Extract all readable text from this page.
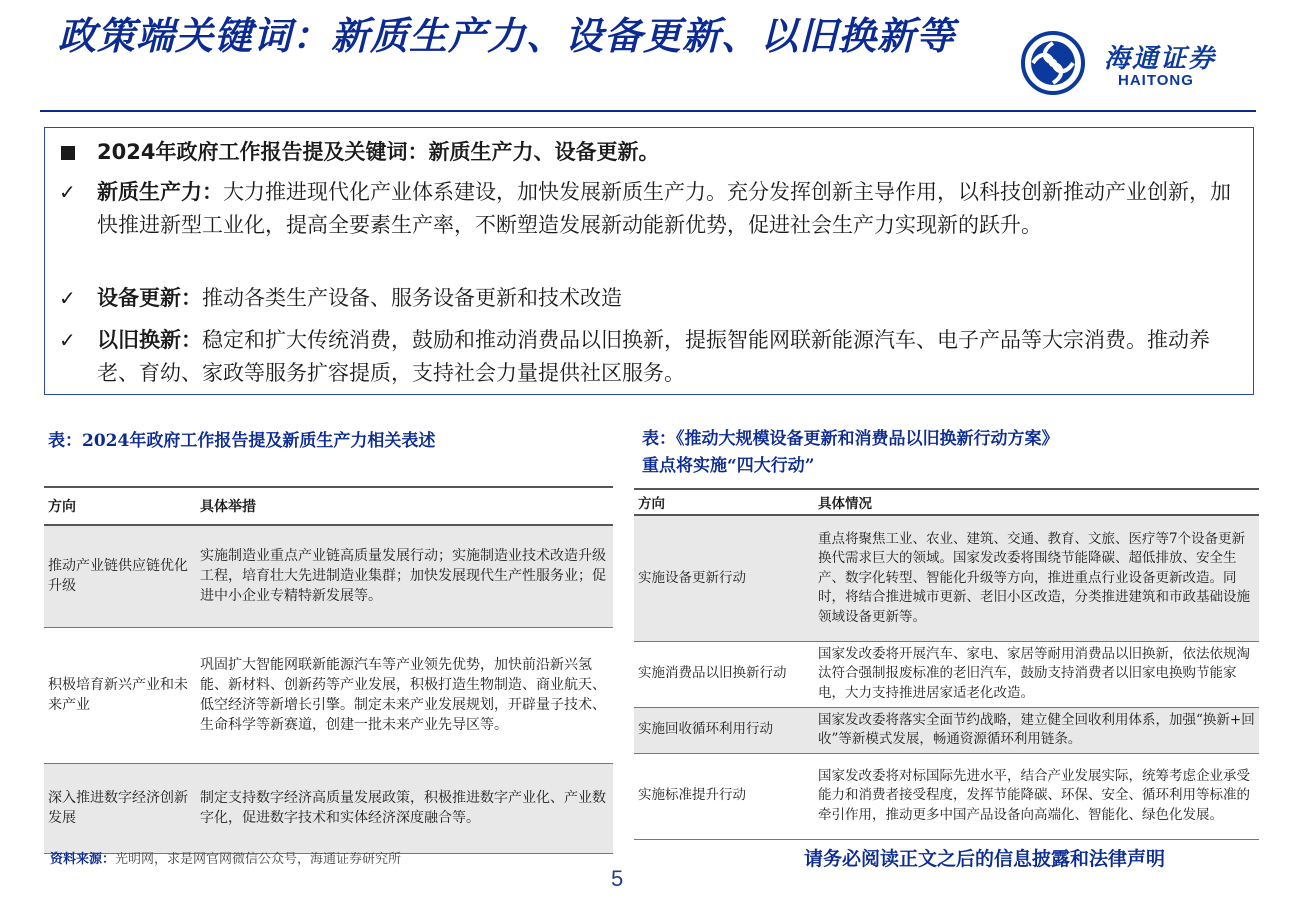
政策端关键词：新质生产力、设备更新、以旧换新等
海通证券
HAITONG
2024年政府工作报告提及关键词：新质生产力、设备更新。
✓	新质生产力：大力推进现代化产业体系建设，加快发展新质生产力。充分发挥创新主导作用，以科技创新推动产业创新，加快推进新型工业化，提高全要素生产率，不断塑造发展新动能新优势，促进社会生产力实现新的跃升。
✓	设备更新：推动各类生产设备、服务设备更新和技术改造
✓	以旧换新：稳定和扩大传统消费，鼓励和推动消费品以旧换新，提振智能网联新能源汽车、电子产品等大宗消费。推动养老、育幼、家政等服务扩容提质，支持社会力量提供社区服务。
表：2024年政府工作报告提及新质生产力相关表述	表：《推动大规模设备更新和消费品以旧换新行动方案》
重点将实施“四大行动”
方向	具体举措
推动产业链供应链优化升级	实施制造业重点产业链高质量发展行动；实施制造业技术改造升级工程，培育壮大先进制造业集群；加快发展现代生产性服务业；促进中小企业专精特新发展等。
积极培育新兴产业和未来产业	巩固扩大智能网联新能源汽车等产业领先优势，加快前沿新兴氢能、新材料、创新药等产业发展，积极打造生物制造、商业航天、低空经济等新增长引擎。制定未来产业发展规划，开辟量子技术、生命科学等新赛道，创建一批未来产业先导区等。
深入推进数字经济创新发展	制定支持数字经济高质量发展政策，积极推进数字产业化、产业数字化，促进数字技术和实体经济深度融合等。
方向	具体情况
实施设备更新行动	重点将聚焦工业、农业、建筑、交通、教育、文旅、医疗等7个设备更新换代需求巨大的领域。国家发改委将围绕节能降碳、超低排放、安全生产、数字化转型、智能化升级等方向，推进重点行业设备更新改造。同时，将结合推进城市更新、老旧小区改造，分类推进建筑和市政基础设施领域设备更新等。
实施消费品以旧换新行动	国家发改委将开展汽车、家电、家居等耐用消费品以旧换新，依法依规淘汰符合强制报废标准的老旧汽车，鼓励支持消费者以旧家电换购节能家电，大力支持推进居家适老化改造。
实施回收循环利用行动	国家发改委将落实全面节约战略，建立健全回收利用体系，加强“换新+回收”等新模式发展，畅通资源循环利用链条。
实施标准提升行动	国家发改委将对标国际先进水平，结合产业发展实际，统筹考虑企业承受能力和消费者接受程度，发挥节能降碳、环保、安全、循环利用等标准的牵引作用，推动更多中国产品设备向高端化、智能化、绿色化发展。
资料来源：光明网，求是网官网微信公众号，海通证券研究所	请务必阅读正文之后的信息披露和法律声明
5
